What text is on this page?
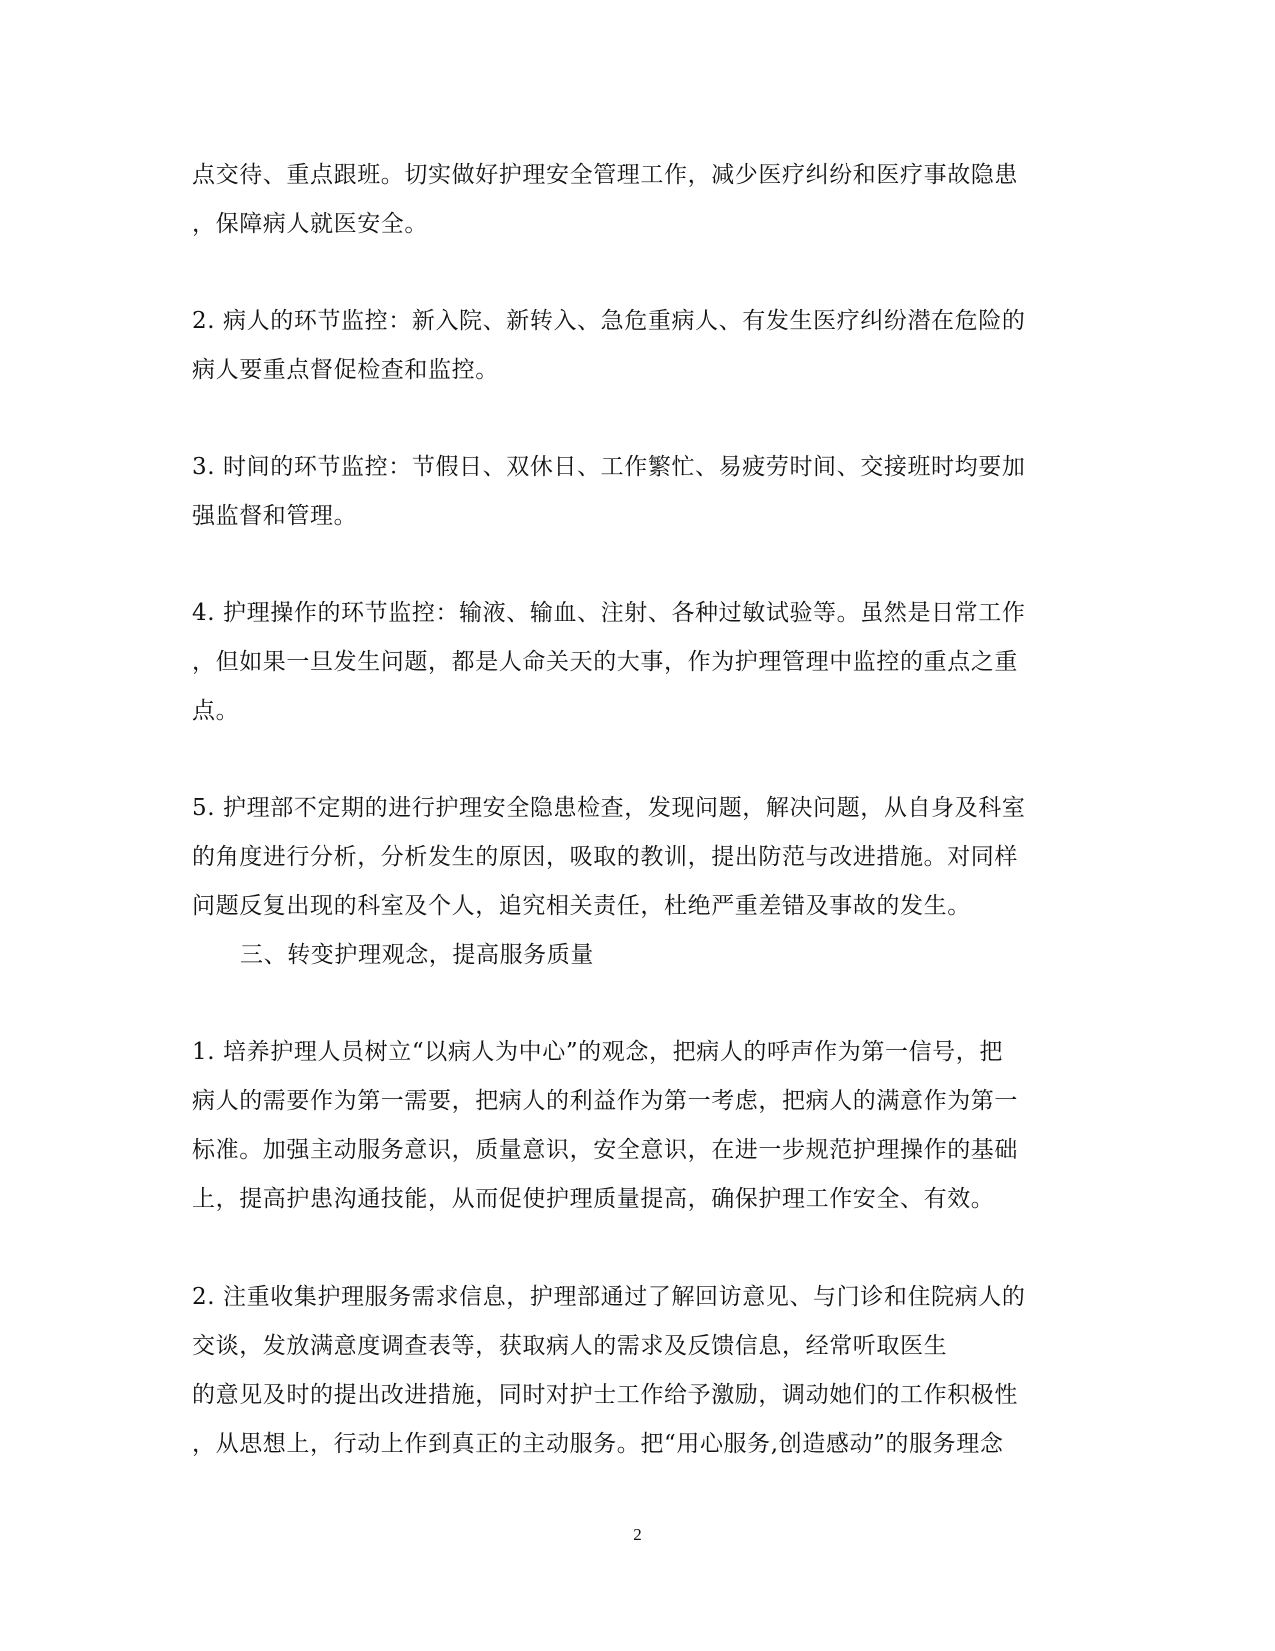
点交待、重点跟班。切实做好护理安全管理工作，减少医疗纠纷和医疗事故隐患
，保障病人就医安全。
2. 病人的环节监控：新入院、新转入、急危重病人、有发生医疗纠纷潜在危险的
病人要重点督促检查和监控。
3. 时间的环节监控：节假日、双休日、工作繁忙、易疲劳时间、交接班时均要加
强监督和管理。
4. 护理操作的环节监控：输液、输血、注射、各种过敏试验等。虽然是日常工作
，但如果一旦发生问题，都是人命关天的大事，作为护理管理中监控的重点之重
点。
5. 护理部不定期的进行护理安全隐患检查，发现问题，解决问题，从自身及科室
的角度进行分析，分析发生的原因，吸取的教训，提出防范与改进措施。对同样
问题反复出现的科室及个人，追究相关责任，杜绝严重差错及事故的发生。
三、转变护理观念，提高服务质量
1. 培养护理人员树立“以病人为中心”的观念，把病人的呼声作为第一信号，把
病人的需要作为第一需要，把病人的利益作为第一考虑，把病人的满意作为第一
标准。加强主动服务意识，质量意识，安全意识，在进一步规范护理操作的基础
上，提高护患沟通技能，从而促使护理质量提高，确保护理工作安全、有效。
2. 注重收集护理服务需求信息，护理部通过了解回访意见、与门诊和住院病人的
交谈，发放满意度调查表等，获取病人的需求及反馈信息，经常听取医生
的意见及时的提出改进措施，同时对护士工作给予激励，调动她们的工作积极性
，从思想上，行动上作到真正的主动服务。把“用心服务,创造感动”的服务理念
2
